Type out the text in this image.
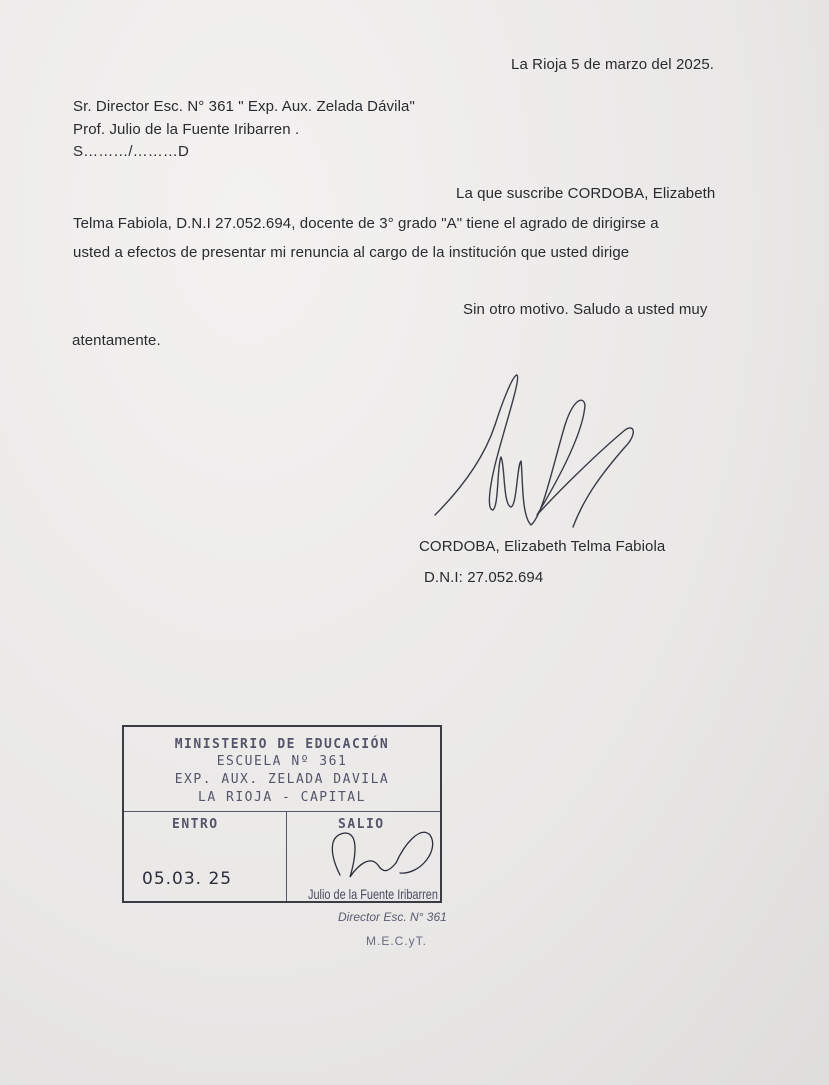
La Rioja 5 de marzo del 2025.
Sr. Director Esc. N° 361 " Exp. Aux. Zelada Dávila"
Prof. Julio de la Fuente Iribarren .
S………/………D
La que suscribe CORDOBA, Elizabeth
Telma Fabiola, D.N.I 27.052.694, docente de 3° grado "A" tiene el agrado de dirigirse a
usted a efectos de presentar mi renuncia al cargo de la institución que usted dirige
Sin otro motivo. Saludo a usted muy
atentamente.
CORDOBA, Elizabeth Telma Fabiola
D.N.I: 27.052.694
MINISTERIO DE EDUCACIÓN
ESCUELA Nº 361
EXP. AUX. ZELADA DAVILA
LA RIOJA - CAPITAL
ENTRO	SALIO
05.03. 25
Julio de la Fuente Iribarren
Director Esc. N° 361
M.E.C.yT.
